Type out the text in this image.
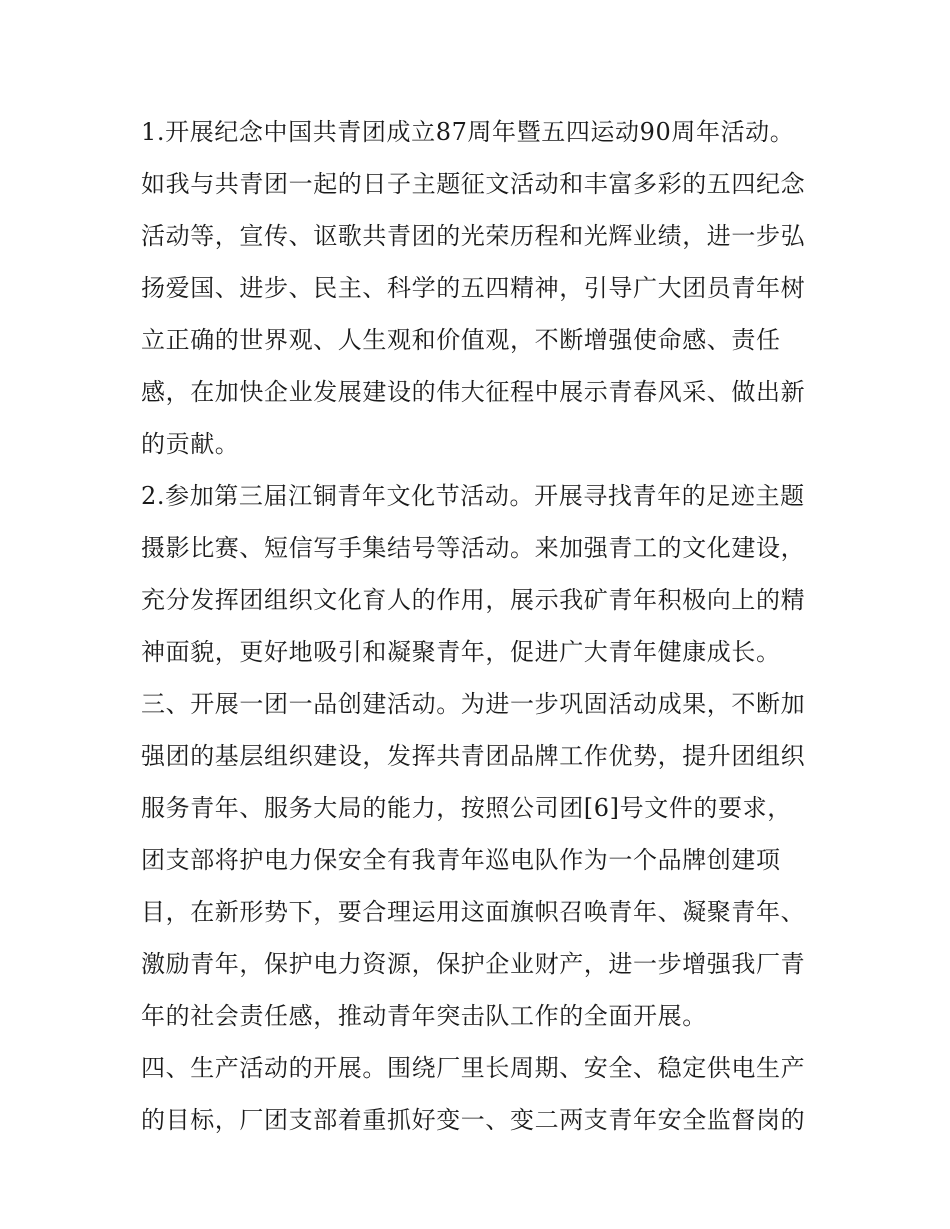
1.开展纪念中国共青团成立87周年暨五四运动90周年活动。
如我与共青团一起的日子主题征文活动和丰富多彩的五四纪念
活动等，宣传、讴歌共青团的光荣历程和光辉业绩，进一步弘
扬爱国、进步、民主、科学的五四精神，引导广大团员青年树
立正确的世界观、人生观和价值观，不断增强使命感、责任
感，在加快企业发展建设的伟大征程中展示青春风采、做出新
的贡献。
2.参加第三届江铜青年文化节活动。开展寻找青年的足迹主题
摄影比赛、短信写手集结号等活动。来加强青工的文化建设，
充分发挥团组织文化育人的作用，展示我矿青年积极向上的精
神面貌，更好地吸引和凝聚青年，促进广大青年健康成长。
三、开展一团一品创建活动。为进一步巩固活动成果，不断加
强团的基层组织建设，发挥共青团品牌工作优势，提升团组织
服务青年、服务大局的能力，按照公司团[6]号文件的要求，
团支部将护电力保安全有我青年巡电队作为一个品牌创建项
目，在新形势下，要合理运用这面旗帜召唤青年、凝聚青年、
激励青年，保护电力资源，保护企业财产，进一步增强我厂青
年的社会责任感，推动青年突击队工作的全面开展。
四、生产活动的开展。围绕厂里长周期、安全、稳定供电生产
的目标，厂团支部着重抓好变一、变二两支青年安全监督岗的
